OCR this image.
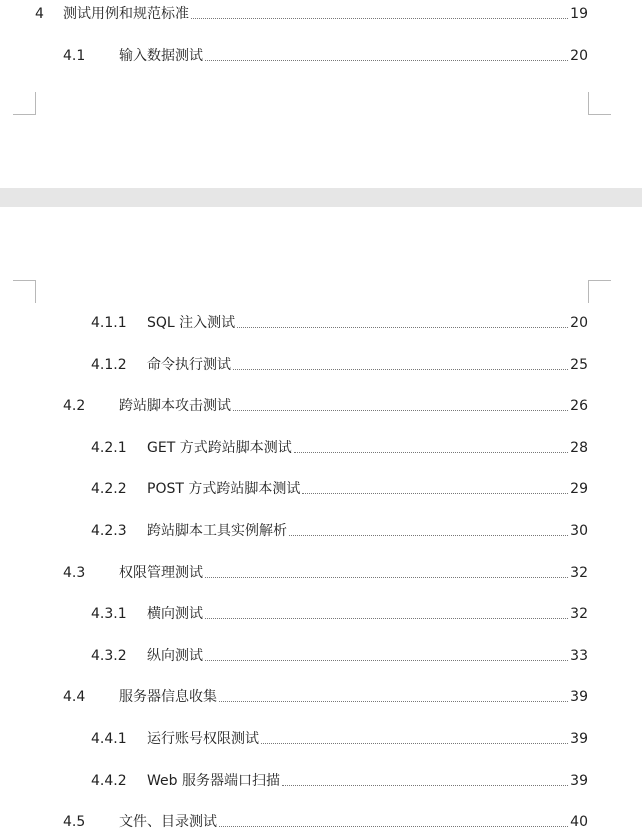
4	测试用例和规范标准	19
4.1	输入数据测试	20
4.1.1	SQL 注入测试	20
4.1.2	命令执行测试	25
4.2	跨站脚本攻击测试	26
4.2.1	GET 方式跨站脚本测试	28
4.2.2	POST 方式跨站脚本测试	29
4.2.3	跨站脚本工具实例解析	30
4.3	权限管理测试	32
4.3.1	横向测试	32
4.3.2	纵向测试	33
4.4	服务器信息收集	39
4.4.1	运行账号权限测试	39
4.4.2	Web 服务器端口扫描	39
4.5	文件、目录测试	40
